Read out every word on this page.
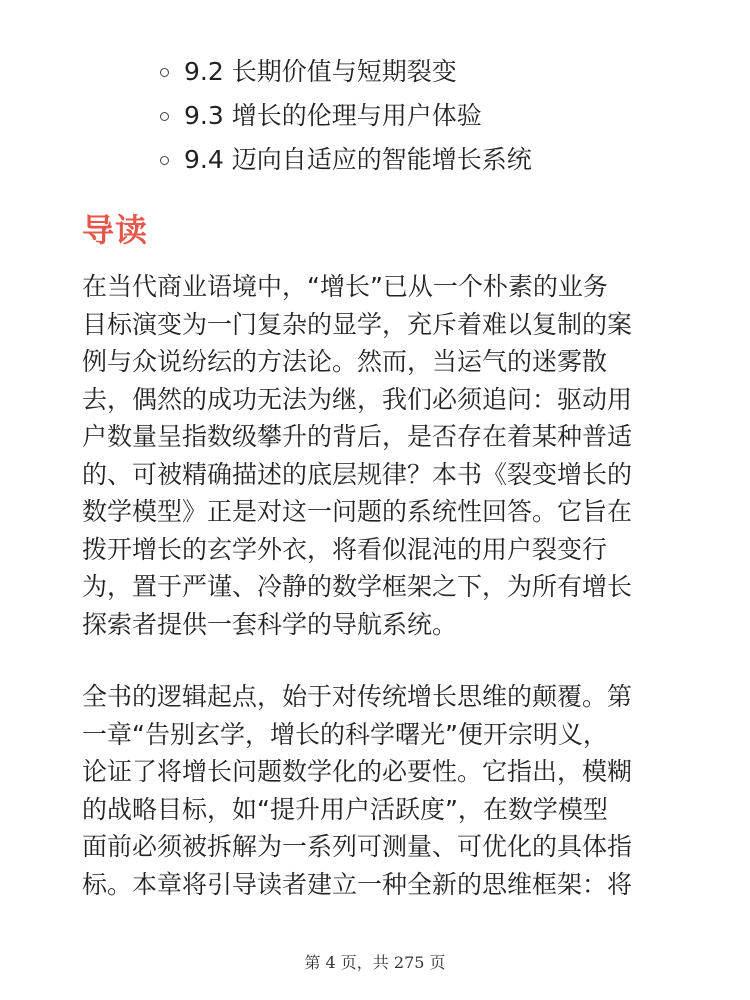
9.2 长期价值与短期裂变
9.3 增长的伦理与用户体验
9.4 迈向自适应的智能增长系统
导读

在当代商业语境中，“增长”已从一个朴素的业务
目标演变为一门复杂的显学，充斥着难以复制的案
例与众说纷纭的方法论。然而，当运气的迷雾散
去，偶然的成功无法为继，我们必须追问：驱动用
户数量呈指数级攀升的背后，是否存在着某种普适
的、可被精确描述的底层规律？本书《裂变增长的
数学模型》正是对这一问题的系统性回答。它旨在
拨开增长的玄学外衣，将看似混沌的用户裂变行
为，置于严谨、冷静的数学框架之下，为所有增长
探索者提供一套科学的导航系统。

全书的逻辑起点，始于对传统增长思维的颠覆。第
一章“告别玄学，增长的科学曙光”便开宗明义，
论证了将增长问题数学化的必要性。它指出，模糊
的战略目标，如“提升用户活跃度”，在数学模型
面前必须被拆解为一系列可测量、可优化的具体指
标。本章将引导读者建立一种全新的思维框架：将

第 4 页，共 275 页
